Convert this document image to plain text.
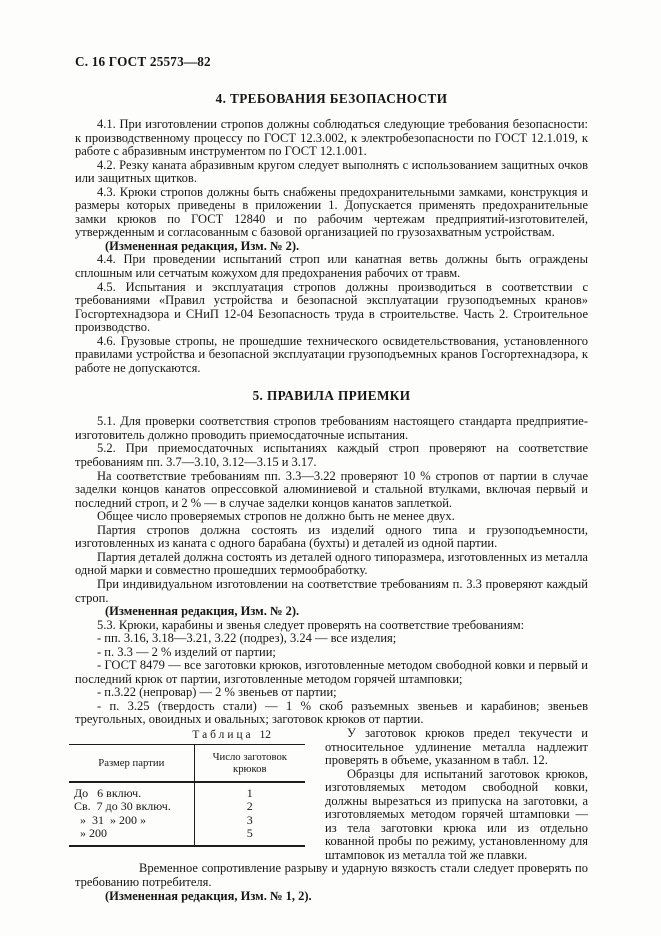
С. 16 ГОСТ 25573—82
4. ТРЕБОВАНИЯ БЕЗОПАСНОСТИ

4.1. При изготовлении стропов должны соблюдаться следующие требования безопасности: к производственному процессу по ГОСТ 12.3.002, к электробезопасности по ГОСТ 12.1.019, к работе с абразивным инструментом по ГОСТ 12.1.001.

4.2. Резку каната абразивным кругом следует выполнять с использованием защитных очков или защитных щитков.

4.3. Крюки стропов должны быть снабжены предохранительными замками, конструкция и размеры которых приведены в приложении 1. Допускается применять предохранительные замки крюков по ГОСТ 12840 и по рабочим чертежам предприятий-изготовителей, утвержденным и согласованным с базовой организацией по грузозахватным устройствам.

(Измененная редакция, Изм. № 2).

4.4. При проведении испытаний строп или канатная ветвь должны быть ограждены сплошным или сетчатым кожухом для предохранения рабочих от травм.

4.5. Испытания и эксплуатация стропов должны производиться в соответствии с требованиями «Правил устройства и безопасной эксплуатации грузоподъемных кранов» Госгортехнадзора и СНиП 12-04 Безопасность труда в строительстве. Часть 2. Строительное производство.

4.6. Грузовые стропы, не прошедшие технического освидетельствования, установленного правилами устройства и безопасной эксплуатации грузоподъемных кранов Госгортехнадзора, к работе не допускаются.

5. ПРАВИЛА ПРИЕМКИ

5.1. Для проверки соответствия стропов требованиям настоящего стандарта предприятие-изготовитель должно проводить приемосдаточные испытания.

5.2. При приемосдаточных испытаниях каждый строп проверяют на соответствие требованиям пп. 3.7—3.10, 3.12—3.15 и 3.17.

На соответствие требованиям пп. 3.3—3.22 проверяют 10 % стропов от партии в случае заделки концов канатов опрессовкой алюминиевой и стальной втулками, включая первый и последний строп, и 2 % — в случае заделки концов канатов заплеткой.

Общее число проверяемых стропов не должно быть не менее двух.

Партия стропов должна состоять из изделий одного типа и грузоподъемности, изготовленных из каната с одного барабана (бухты) и деталей из одной партии.

Партия деталей должна состоять из деталей одного типоразмера, изготовленных из металла одной марки и совместно прошедших термообработку.

При индивидуальном изготовлении на соответствие требованиям п. 3.3 проверяют каждый строп.

(Измененная редакция, Изм. № 2).

5.3. Крюки, карабины и звенья следует проверять на соответствие требованиям:

- пп. 3.16, 3.18—3.21, 3.22 (подрез), 3.24 — все изделия;

- п. 3.3 — 2 % изделий от партии;

- ГОСТ 8479 — все заготовки крюков, изготовленные методом свободной ковки и первый и последний крюк от партии, изготовленные методом горячей штамповки;

- п.3.22 (непровар) — 2 % звеньев от партии;

- п. 3.25 (твердость стали) — 1 % скоб разъемных звеньев и карабинов; звеньев треугольных, овоидных и овальных; заготовок крюков от партии.

Таблица 12
Размер партии	Число заготовок крюков
До   6 включ.	1
Св.  7 до 30 включ.	2
»  31  » 200 »	3
» 200	5

У заготовок крюков предел текучести и относительное удлинение металла надлежит проверять в объеме, указанном в табл. 12.

Образцы для испытаний заготовок крюков, изготовляемых методом свободной ковки, должны вырезаться из припуска на заготовки, а изготовляемых методом горячей штамповки — из тела заготовки крюка или из отдельно кованной пробы по режиму, установленному для штамповок из металла той же плавки.

Временное сопротивление разрыву и ударную вязкость стали следует проверять по требованию потребителя.

(Измененная редакция, Изм. № 1, 2).
